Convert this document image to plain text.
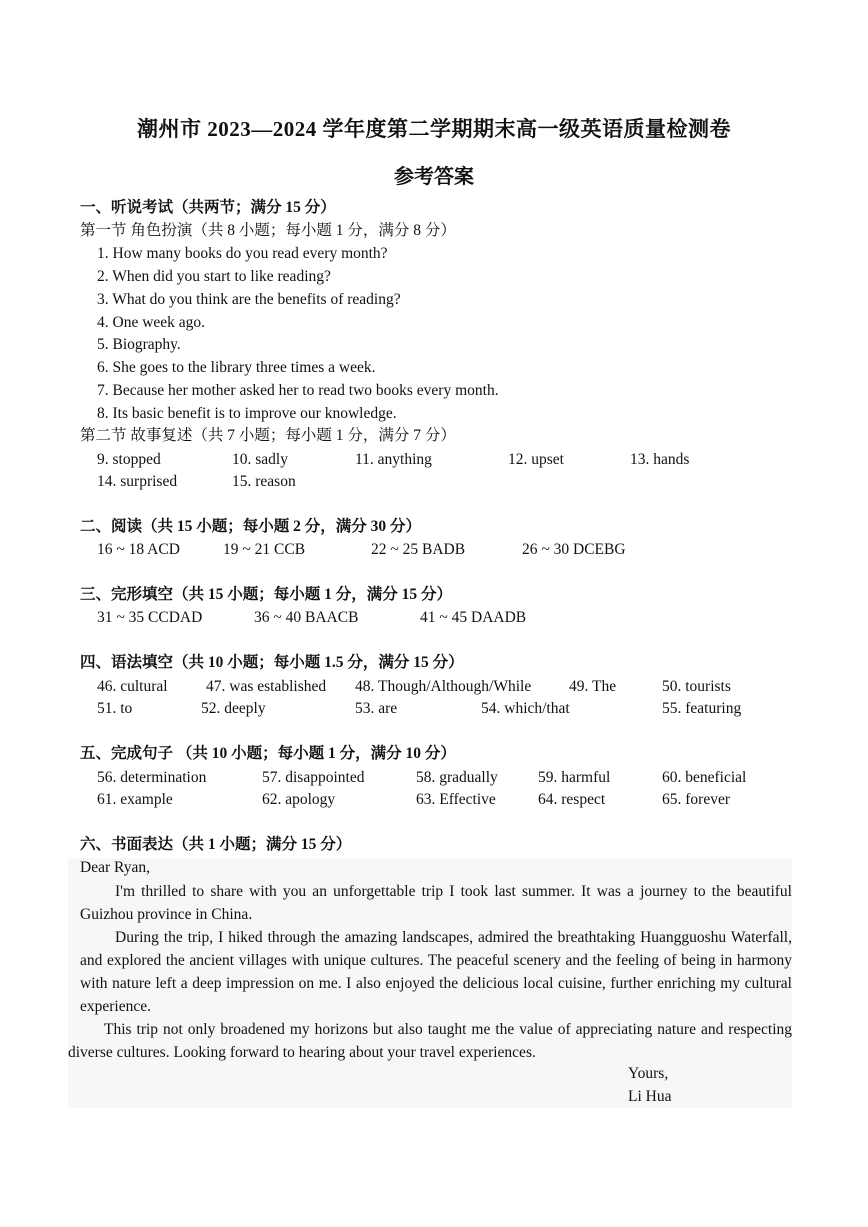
潮州市 2023—2024 学年度第二学期期末高一级英语质量检测卷
参考答案
一、听说考试（共两节；满分 15 分）
第一节 角色扮演（共 8 小题；每小题 1 分，满分 8 分）
1. How many books do you read every month?
2. When did you start to like reading?
3. What do you think are the benefits of reading?
4. One week ago.
5. Biography.
6. She goes to the library three times a week.
7. Because her mother asked her to read two books every month.
8. Its basic benefit is to improve our knowledge.
第二节 故事复述（共 7 小题；每小题 1 分，满分 7 分）
9. stopped	10. sadly	11. anything	12. upset	13. hands
14. surprised	15. reason
二、阅读（共 15 小题；每小题 2 分，满分 30 分）
16 ~ 18 ACD	19 ~ 21 CCB	22 ~ 25 BADB	26 ~ 30 DCEBG
三、完形填空（共 15 小题；每小题 1 分，满分 15 分）
31 ~ 35 CCDAD	36 ~ 40 BAACB	41 ~ 45 DAADB
四、语法填空（共 10 小题；每小题 1.5 分，满分 15 分）
46. cultural 47. was established 48. Though/Although/While 49. The	50. tourists
51. to	52. deeply	53. are	54. which/that	55. featuring
五、完成句子 （共 10 小题；每小题 1 分，满分 10 分）
56. determination	57. disappointed	58. gradually	59. harmful	60. beneficial
61. example	62. apology	63. Effective	64. respect	65. forever
六、书面表达（共 1 小题；满分 15 分）
Dear Ryan,
I'm thrilled to share with you an unforgettable trip I took last summer. It was a journey to the beautiful Guizhou province in China.
During the trip, I hiked through the amazing landscapes, admired the breathtaking Huangguoshu Waterfall, and explored the ancient villages with unique cultures. The peaceful scenery and the feeling of being in harmony with nature left a deep impression on me. I also enjoyed the delicious local cuisine, further enriching my cultural experience.
This trip not only broadened my horizons but also taught me the value of appreciating nature and respecting diverse cultures. Looking forward to hearing about your travel experiences.
Yours,
Li Hua
